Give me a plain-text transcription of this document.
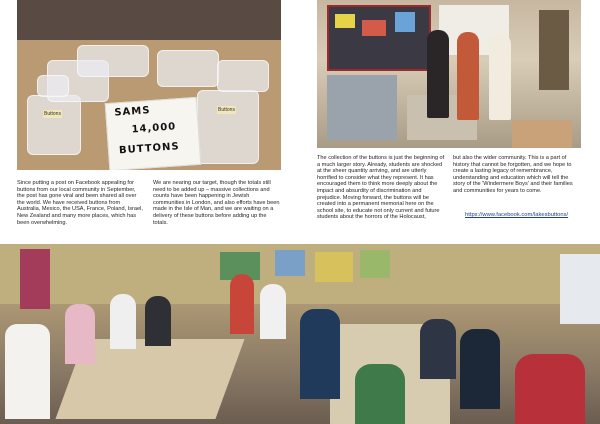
SAMS
14,000
BUTTONS
Buttons
Buttons

Since putting a post on Facebook appealing for buttons from our local community in September, the post has gone viral and been shared all over the world. We have received buttons from Australia, Mexico, the USA, France, Poland, Israel, New Zealand and many more places, which has been overwhelming.

We are nearing our target, though the totals still need to be added up – massive collections and counts have been happening in Jewish communities in London, and also efforts have been made in the Isle of Man, and we are waiting on a delivery of these buttons before adding up the totals.

The collection of the buttons is just the beginning of a much larger story. Already, students are shocked at the sheer quantity arriving, and are utterly horrified to consider what they represent. It has encouraged them to think more deeply about the impact and absurdity of discrimination and prejudice. Moving forward, the buttons will be created into a permanent memorial here on the school site, to educate not only current and future students about the horrors of the Holocaust,

but also the wider community. This is a part of history that cannot be forgotten, and we hope to create a lasting legacy of remembrance, understanding and education which will tell the story of the 'Windermere Boys' and their families and communities for years to come.

https://www.facebook.com/lakesbuttons/
